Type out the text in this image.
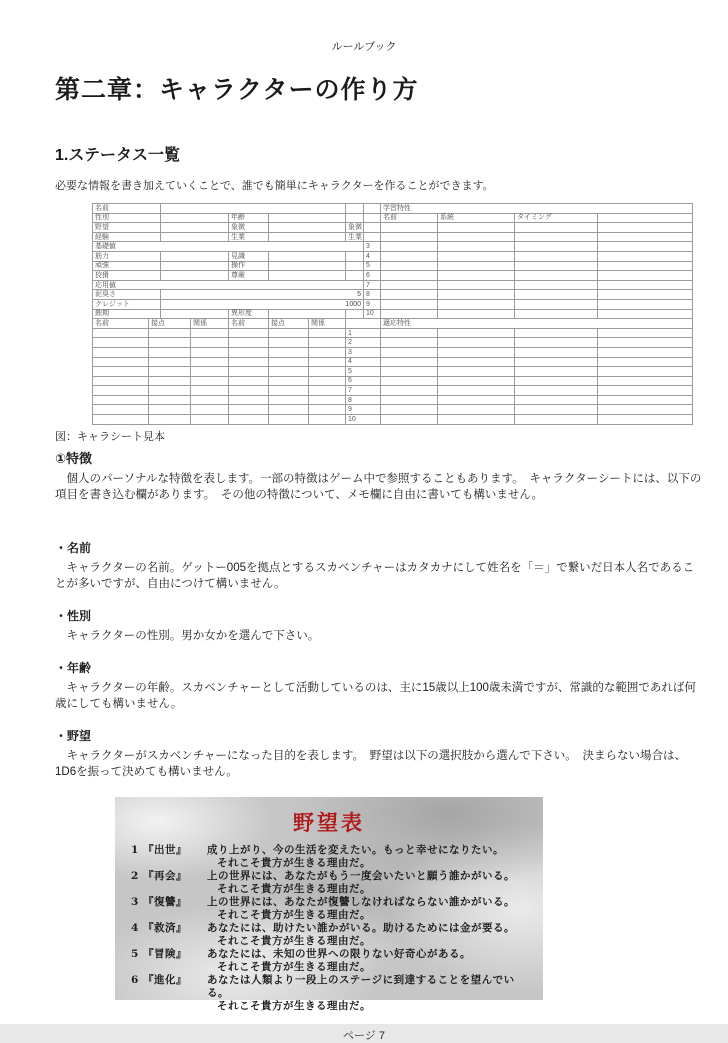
ルールブック
第二章：キャラクターの作り方
1.ステータス一覧
必要な情報を書き加えていくことで、誰でも簡単にキャラクターを作ることができます。
名前									学習特性			
性別				年齢					名前	系統	タイミング	
野望				象徴			象徴					
経験				生業			生業					
基礎値								3				
筋力				見識				4				
頑強				操作				5				
狡猾				尊厳				6				
応用値								7				
泥臭さ		5						8				
クレジット		1000						9				
蝕期				異形度				10				
名前	接点		関係	名前	接点	関係			適応特性			
							1					
							2					
							3					
							4					
							5					
							6					
							7					
							8					
							9					
							10					
図：キャラシート見本
①特徴
　個人のパーソナルな特徴を表します。一部の特徴はゲーム中で参照することもあります。　キャラクターシートには、以下の項目を書き込む欄があります。　その他の特徴について、メモ欄に自由に書いても構いません。
・名前
　キャラクターの名前。ゲットー005を拠点とするスカベンチャーはカタカナにして姓名を「＝」で繋いだ日本人名であることが多いですが、自由につけて構いません。
・性別
　キャラクターの性別。男か女かを選んで下さい。
・年齢
　キャラクターの年齢。スカベンチャーとして活動しているのは、主に15歳以上100歳未満ですが、常識的な範囲であれば何歳にしても構いません。
・野望
　キャラクターがスカベンチャーになった目的を表します。　野望は以下の選択肢から選んで下さい。　決まらない場合は、1D6を振って決めても構いません。
野望表
1 『出世』	成り上がり、今の生活を変えたい。もっと幸せになりたい。
それこそ貴方が生きる理由だ。
2 『再会』	上の世界には、あなたがもう一度会いたいと願う誰かがいる。
それこそ貴方が生きる理由だ。
3 『復讐』	上の世界には、あなたが復讐しなければならない誰かがいる。
それこそ貴方が生きる理由だ。
4 『救済』	あなたには、助けたい誰かがいる。助けるためには金が要る。
それこそ貴方が生きる理由だ。
5 『冒険』	あなたには、未知の世界への限りない好奇心がある。
それこそ貴方が生きる理由だ。
6 『進化』	あなたは人類より一段上のステージに到達することを望んでいる。
それこそ貴方が生きる理由だ。
ページ 7
